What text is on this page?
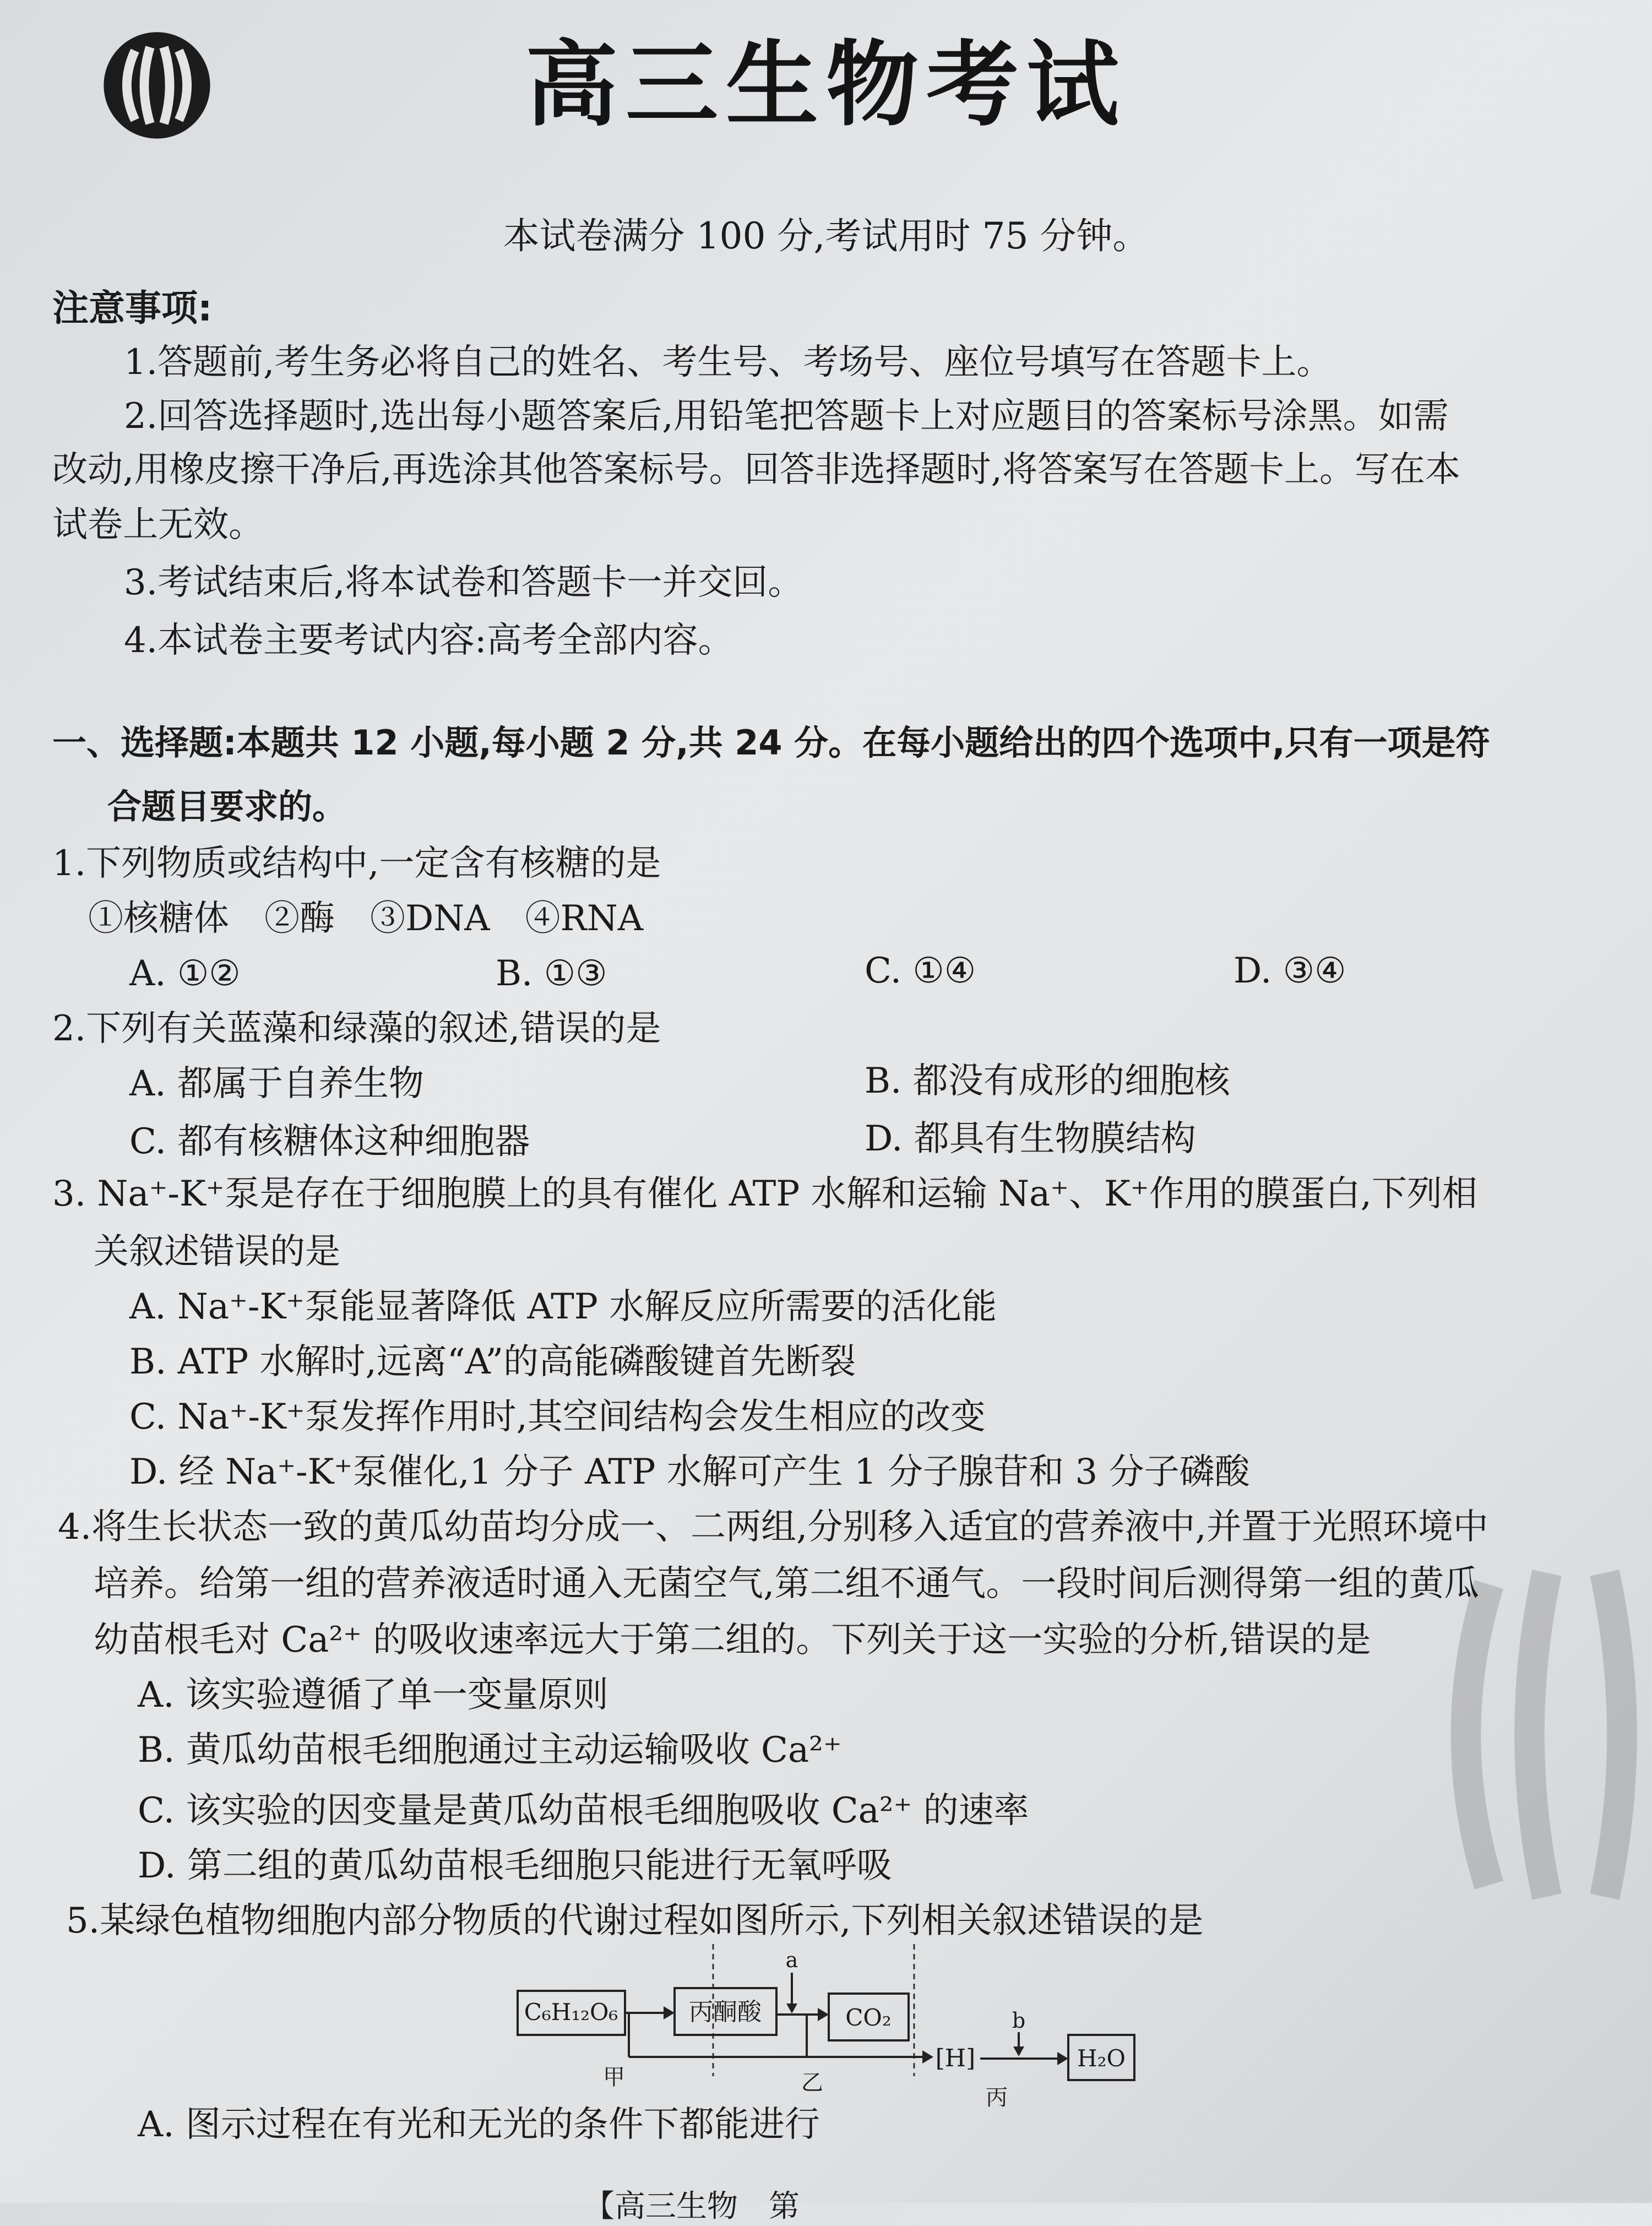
高三生物考试
本试卷满分 100 分,考试用时 75 分钟。
注意事项:
1.答题前,考生务必将自己的姓名、考生号、考场号、座位号填写在答题卡上。
2.回答选择题时,选出每小题答案后,用铅笔把答题卡上对应题目的答案标号涂黑。如需
改动,用橡皮擦干净后,再选涂其他答案标号。回答非选择题时,将答案写在答题卡上。写在本
试卷上无效。
3.考试结束后,将本试卷和答题卡一并交回。
4.本试卷主要考试内容:高考全部内容。
一、选择题:本题共 12 小题,每小题 2 分,共 24 分。在每小题给出的四个选项中,只有一项是符
合题目要求的。
1.下列物质或结构中,一定含有核糖的是
①核糖体　②酶　③DNA　④RNA
A. ①②	B. ①③	C. ①④	D. ③④
2.下列有关蓝藻和绿藻的叙述,错误的是
A. 都属于自养生物	B. 都没有成形的细胞核
C. 都有核糖体这种细胞器	D. 都具有生物膜结构
3. Na⁺-K⁺泵是存在于细胞膜上的具有催化 ATP 水解和运输 Na⁺、K⁺作用的膜蛋白,下列相
关叙述错误的是
A. Na⁺-K⁺泵能显著降低 ATP 水解反应所需要的活化能
B. ATP 水解时,远离“A”的高能磷酸键首先断裂
C. Na⁺-K⁺泵发挥作用时,其空间结构会发生相应的改变
D. 经 Na⁺-K⁺泵催化,1 分子 ATP 水解可产生 1 分子腺苷和 3 分子磷酸
4.将生长状态一致的黄瓜幼苗均分成一、二两组,分别移入适宜的营养液中,并置于光照环境中
培养。给第一组的营养液适时通入无菌空气,第二组不通气。一段时间后测得第一组的黄瓜
幼苗根毛对 Ca²⁺ 的吸收速率远大于第二组的。下列关于这一实验的分析,错误的是
A. 该实验遵循了单一变量原则
B. 黄瓜幼苗根毛细胞通过主动运输吸收 Ca²⁺
C. 该实验的因变量是黄瓜幼苗根毛细胞吸收 Ca²⁺ 的速率
D. 第二组的黄瓜幼苗根毛细胞只能进行无氧呼吸
5.某绿色植物细胞内部分物质的代谢过程如图所示,下列相关叙述错误的是
C₆H₁₂O₆	丙酮酸
a
CO₂
[H]
b
H₂O
甲	乙
丙
A. 图示过程在有光和无光的条件下都能进行
【高三生物　第
